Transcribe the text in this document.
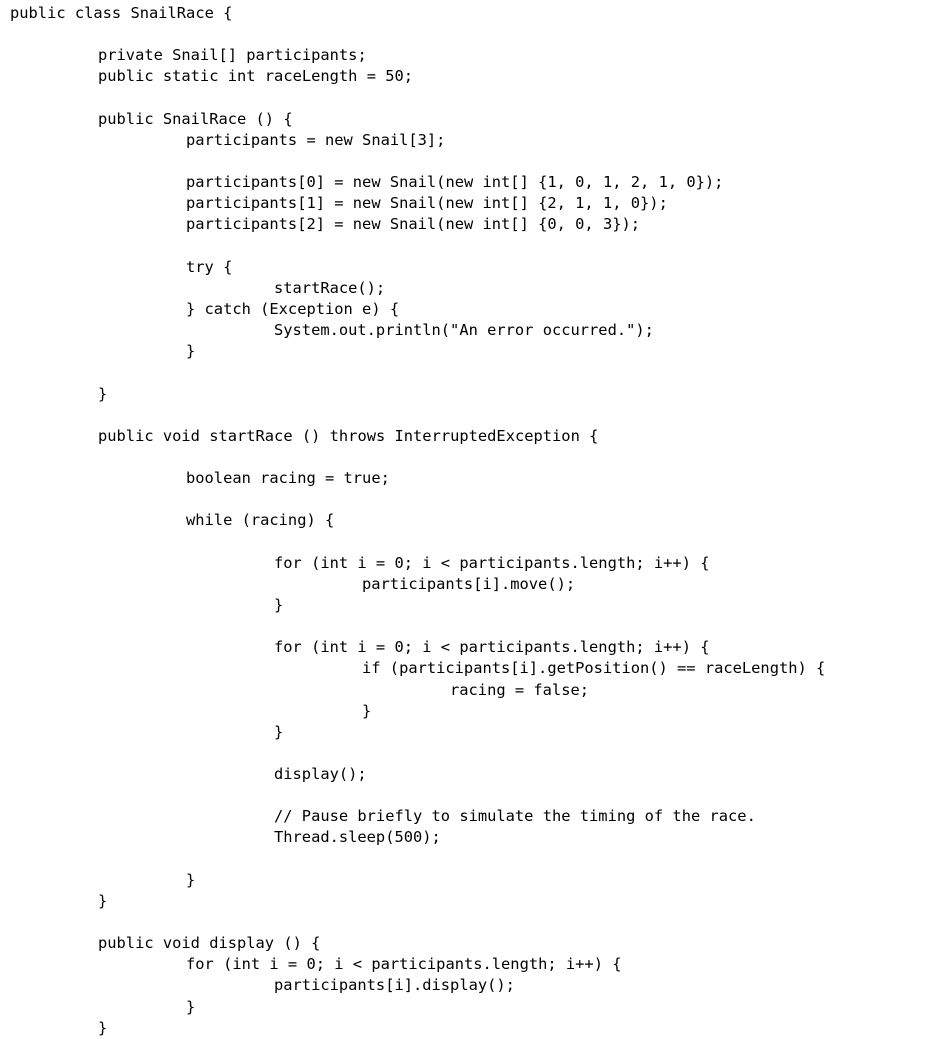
public class SnailRace {
private Snail[] participants;
public static int raceLength = 50;
public SnailRace () {
participants = new Snail[3];
participants[0] = new Snail(new int[] {1, 0, 1, 2, 1, 0});
participants[1] = new Snail(new int[] {2, 1, 1, 0});
participants[2] = new Snail(new int[] {0, 0, 3});
try {
startRace();
} catch (Exception e) {
System.out.println("An error occurred.");
}
}
public void startRace () throws InterruptedException {
boolean racing = true;
while (racing) {
for (int i = 0; i < participants.length; i++) {
participants[i].move();
}
for (int i = 0; i < participants.length; i++) {
if (participants[i].getPosition() == raceLength) {
racing = false;
}
}
display();
// Pause briefly to simulate the timing of the race.
Thread.sleep(500);
}
}
public void display () {
for (int i = 0; i < participants.length; i++) {
participants[i].display();
}
}
